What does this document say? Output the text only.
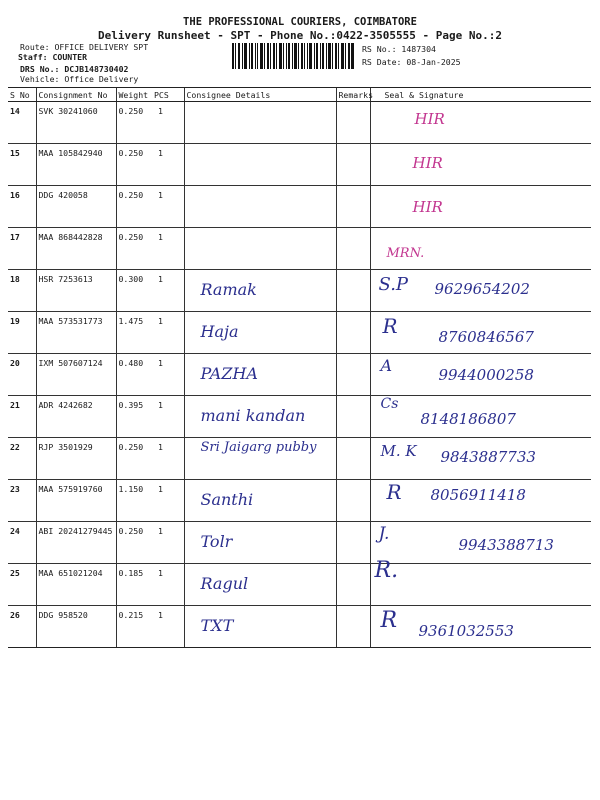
THE PROFESSIONAL COURIERS, COIMBATORE
Delivery Runsheet - SPT - Phone No.:0422-3505555 - Page No.:2
Route: OFFICE DELIVERY SPT
Staff: COUNTER
DRS No.: DCJB148730402
Vehicle: Office Delivery
RS No.: 1487304
RS Date: 08-Jan-2025
S No	Consignment No	Weight	PCS	Consignee Details	Remarks	Seal & Signature
14	SVK 30241060	0.250	1			HIR

15	MAA 105842940	0.250	1			HIR

16	DDG 420058	0.250	1			HIR

17	MAA 868442828	0.250	1			MRN.

18	HSR 7253613	0.300	1	Ramak		S.P 9629654202

19	MAA 573531773	1.475	1	Haja		R 8760846567

20	IXM 507607124	0.480	1	PAZHA		A 9944000258

21	ADR 4242682	0.395	1	mani kandan		Cs
8148186807

22	RJP 3501929	0.250	1	Sri Jaigarg pubby		M. K 9843887733

23	MAA 575919760	1.150	1	Santhi		R 8056911418

24	ABI 20241279445	0.250	1	Tolr		J.
9943388713

25	MAA 651021204	0.185	1	Ragul		R.

26	DDG 958520	0.215	1	TXT		R 9361032553
